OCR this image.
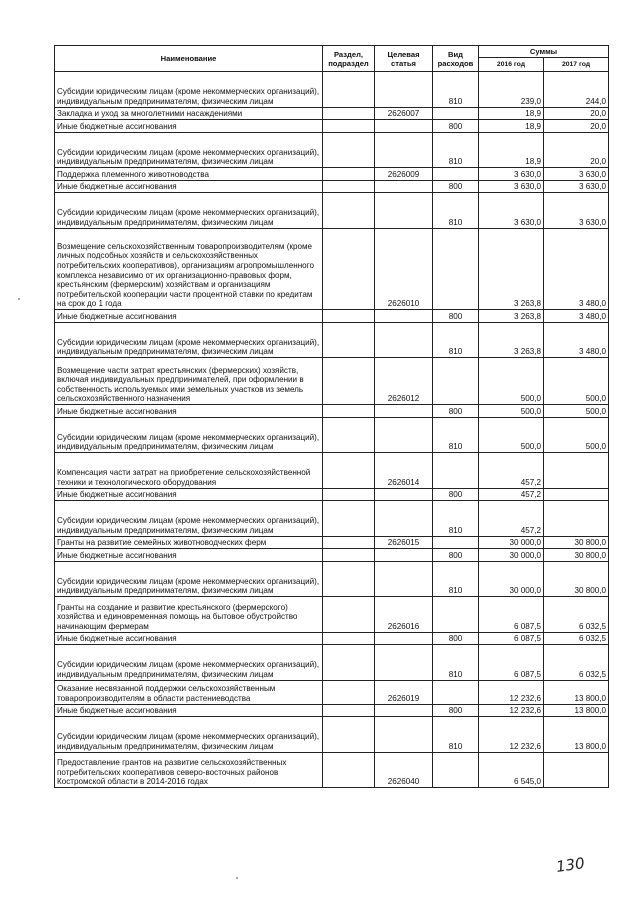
Наименование	Раздел, подраздел	Целевая статья	Вид расходов	Суммы	
				2016 год	2017 год
Субсидии юридическим лицам (кроме некоммерческих организаций), индивидуальным предпринимателям, физическим лицам			810	239,0	244,0
Закладка и уход за многолетними насаждениями		2626007		18,9	20,0
Иные бюджетные ассигнования			800	18,9	20,0
Субсидии юридическим лицам (кроме некоммерческих организаций), индивидуальным предпринимателям, физическим лицам			810	18,9	20,0
Поддержка племенного животноводства		2626009		3 630,0	3 630,0
Иные бюджетные ассигнования			800	3 630,0	3 630,0
Субсидии юридическим лицам (кроме некоммерческих организаций), индивидуальным предпринимателям, физическим лицам			810	3 630,0	3 630,0
Возмещение сельскохозяйственным товаропроизводителям (кроме личных подсобных хозяйств и сельскохозяйственных потребительских кооперативов), организациям агропромышленного комплекса независимо от их организационно-правовых форм, крестьянским (фермерским) хозяйствам и организациям потребительской кооперации части процентной ставки по кредитам на срок до 1 года		2626010		3 263,8	3 480,0
Иные бюджетные ассигнования			800	3 263,8	3 480,0
Субсидии юридическим лицам (кроме некоммерческих организаций), индивидуальным предпринимателям, физическим лицам			810	3 263,8	3 480,0
Возмещение части затрат крестьянских (фермерских) хозяйств, включая индивидуальных предпринимателей, при оформлении в собственность используемых ими земельных участков из земель сельскохозяйственного назначения		2626012		500,0	500,0
Иные бюджетные ассигнования			800	500,0	500,0
Субсидии юридическим лицам (кроме некоммерческих организаций), индивидуальным предпринимателям, физическим лицам			810	500,0	500,0
Компенсация части затрат на приобретение сельскохозяйственной техники и технологического оборудования		2626014		457,2	
Иные бюджетные ассигнования			800	457,2	
Субсидии юридическим лицам (кроме некоммерческих организаций), индивидуальным предпринимателям, физическим лицам			810	457,2	
Гранты на развитие семейных животноводческих ферм		2626015		30 000,0	30 800,0
Иные бюджетные ассигнования			800	30 000,0	30 800,0
Субсидии юридическим лицам (кроме некоммерческих организаций), индивидуальным предпринимателям, физическим лицам			810	30 000,0	30 800,0
Гранты на создание и развитие крестьянского (фермерского) хозяйства и единовременная помощь на бытовое обустройство начинающим фермерам		2626016		6 087,5	6 032,5
Иные бюджетные ассигнования			800	6 087,5	6 032,5
Субсидии юридическим лицам (кроме некоммерческих организаций), индивидуальным предпринимателям, физическим лицам			810	6 087,5	6 032,5
Оказание несвязанной поддержки сельскохозяйственным товаропроизводителям в области растениеводства		2626019		12 232,6	13 800,0
Иные бюджетные ассигнования			800	12 232,6	13 800,0
Субсидии юридическим лицам (кроме некоммерческих организаций), индивидуальным предпринимателям, физическим лицам			810	12 232,6	13 800,0
Предоставление грантов на развитие сельскохозяйственных потребительских кооперативов северо-восточных районов Костромской области в 2014-2016 годах		2626040		6 545,0	
130
